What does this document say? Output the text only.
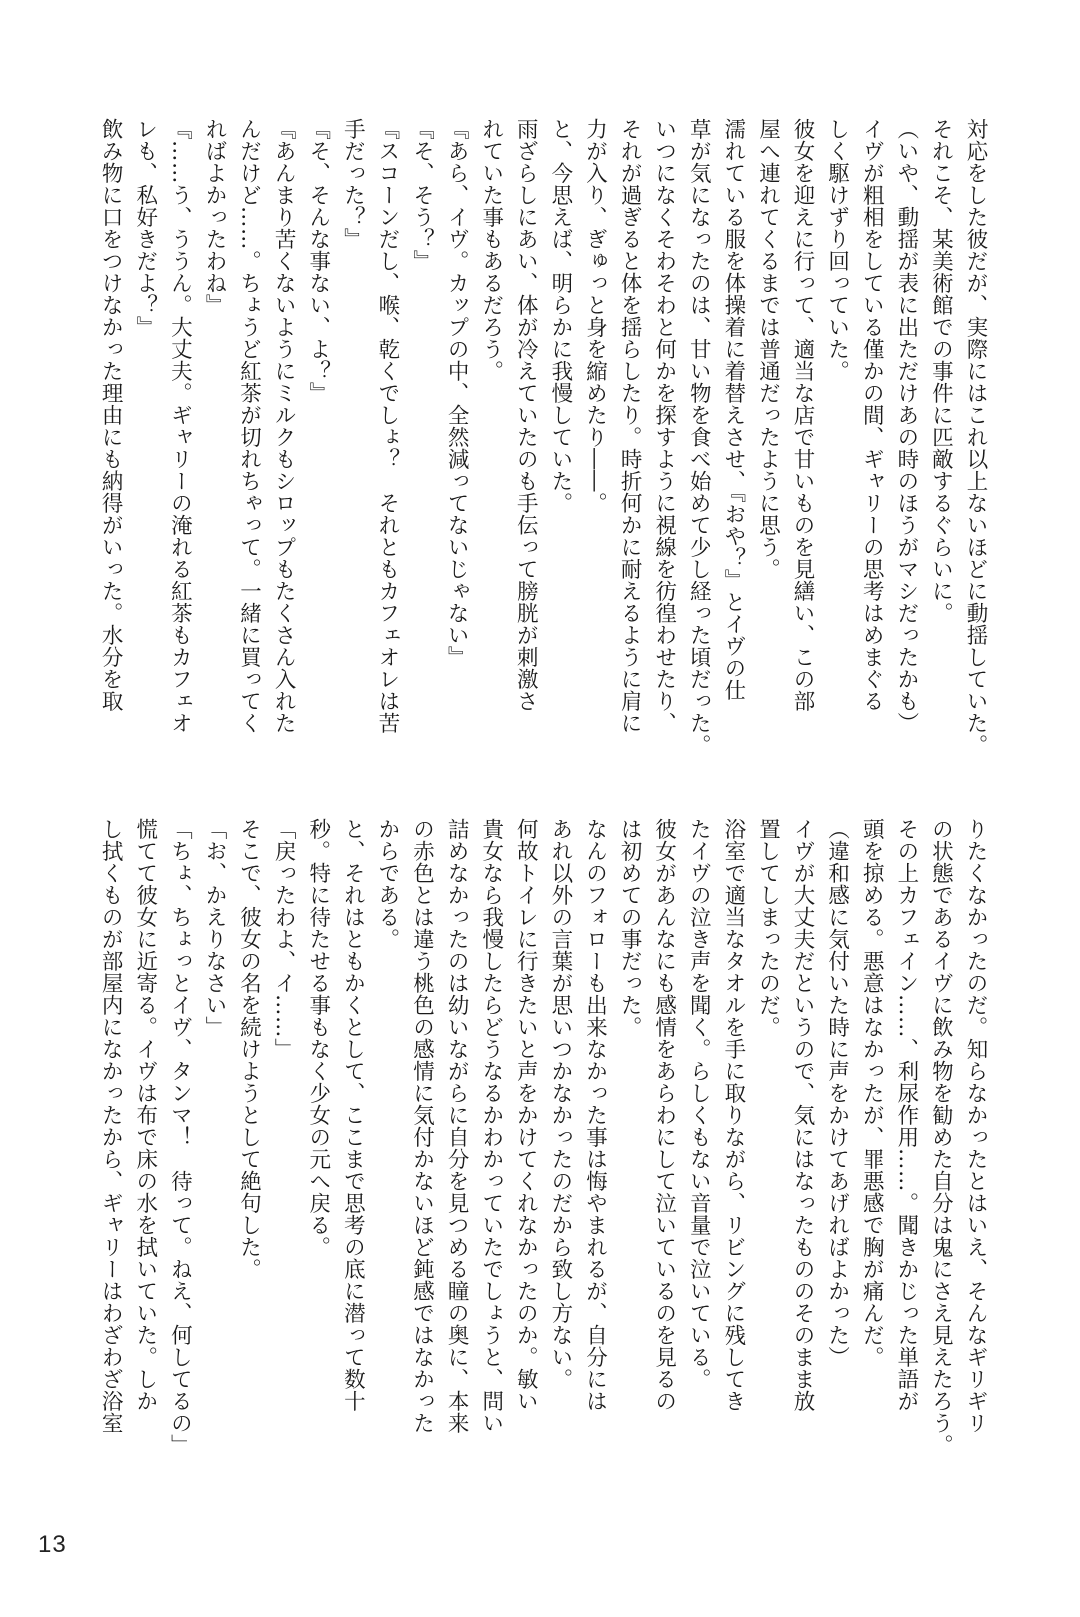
対応をした彼だが、実際にはこれ以上ないほどに動揺していた。
それこそ、某美術館での事件に匹敵するぐらいに。
（いや、動揺が表に出ただけあの時のほうがマシだったかも）
イヴが粗相をしている僅かの間、ギャリーの思考はめまぐる
しく駆けずり回っていた。
彼女を迎えに行って、適当な店で甘いものを見繕い、この部
屋へ連れてくるまでは普通だったように思う。
濡れている服を体操着に着替えさせ、『おや？』とイヴの仕
草が気になったのは、甘い物を食べ始めて少し経った頃だった。
いつになくそわそわと何かを探すように視線を彷徨わせたり、
それが過ぎると体を揺らしたり。時折何かに耐えるように肩に
力が入り、ぎゅっと身を縮めたり――。
と、今思えば、明らかに我慢していた。
雨ざらしにあい、体が冷えていたのも手伝って膀胱が刺激さ
れていた事もあるだろう。
『あら、イヴ。カップの中、全然減ってないじゃない』
『そ、そう？』
『スコーンだし、喉、乾くでしょ？　それともカフェオレは苦
手だった？』
『そ、そんな事ない、よ？』
『あんまり苦くないようにミルクもシロップもたくさん入れた
んだけど……。ちょうど紅茶が切れちゃって。一緒に買ってく
ればよかったわね』
『……う、ううん。大丈夫。ギャリーの淹れる紅茶もカフェオ
レも、私好きだよ？』
飲み物に口をつけなかった理由にも納得がいった。水分を取
りたくなかったのだ。知らなかったとはいえ、そんなギリギリ
の状態であるイヴに飲み物を勧めた自分は鬼にさえ見えたろう。
その上カフェイン……、利尿作用……。聞きかじった単語が
頭を掠める。悪意はなかったが、罪悪感で胸が痛んだ。
（違和感に気付いた時に声をかけてあげればよかった）
イヴが大丈夫だというので、気にはなったもののそのまま放
置してしまったのだ。
浴室で適当なタオルを手に取りながら、リビングに残してき
たイヴの泣き声を聞く。らしくもない音量で泣いている。
彼女があんなにも感情をあらわにして泣いているのを見るの
は初めての事だった。
なんのフォローも出来なかった事は悔やまれるが、自分には
あれ以外の言葉が思いつかなかったのだから致し方ない。
何故トイレに行きたいと声をかけてくれなかったのか。敏い
貴女なら我慢したらどうなるかわかっていたでしょうと、問い
詰めなかったのは幼いながらに自分を見つめる瞳の奥に、本来
の赤色とは違う桃色の感情に気付かないほど鈍感ではなかった
からである。
と、それはともかくとして、ここまで思考の底に潜って数十
秒。特に待たせる事もなく少女の元へ戻る。
「戻ったわよ、イ……」
そこで、彼女の名を続けようとして絶句した。
「お、かえりなさい」
「ちょ、ちょっとイヴ、タンマ！　待って。ねえ、何してるの」
慌てて彼女に近寄る。イヴは布で床の水を拭いていた。しか
し拭くものが部屋内になかったから、ギャリーはわざわざ浴室
13
